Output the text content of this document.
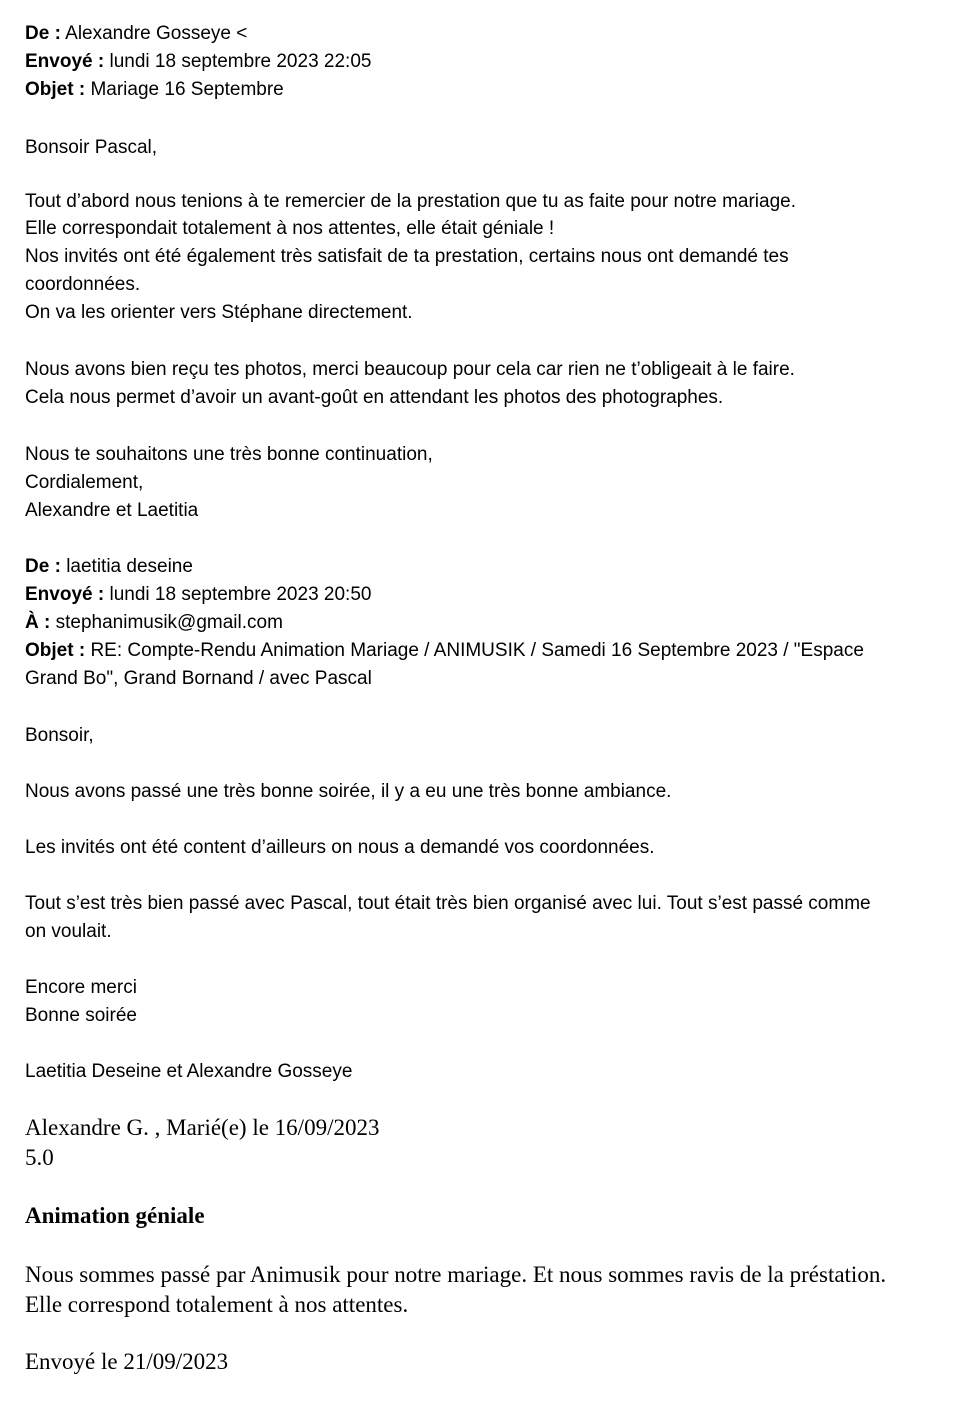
De : Alexandre Gosseye <
Envoyé : lundi 18 septembre 2023 22:05
Objet : Mariage 16 Septembre
Bonsoir Pascal,
Tout d’abord nous tenions à te remercier de la prestation que tu as faite pour notre mariage.
Elle correspondait totalement à nos attentes, elle était géniale !
Nos invités ont été également très satisfait de ta prestation, certains nous ont demandé tes
coordonnées.
On va les orienter vers Stéphane directement.
Nous avons bien reçu tes photos, merci beaucoup pour cela car rien ne t’obligeait à le faire.
Cela nous permet d’avoir un avant-goût en attendant les photos des photographes.
Nous te souhaitons une très bonne continuation,
Cordialement,
Alexandre et Laetitia
De : laetitia deseine
Envoyé : lundi 18 septembre 2023 20:50
À : stephanimusik@gmail.com
Objet : RE: Compte-Rendu Animation Mariage / ANIMUSIK / Samedi 16 Septembre 2023 / "Espace
Grand Bo", Grand Bornand / avec Pascal
Bonsoir,
Nous avons passé une très bonne soirée, il y a eu une très bonne ambiance.
Les invités ont été content d’ailleurs on nous a demandé vos coordonnées.
Tout s’est très bien passé avec Pascal, tout était très bien organisé avec lui. Tout s’est passé comme
on voulait.
Encore merci
Bonne soirée
Laetitia Deseine et Alexandre Gosseye
Alexandre G. , Marié(e) le 16/09/2023
5.0
Animation géniale
Nous sommes passé par Animusik pour notre mariage. Et nous sommes ravis de la préstation.
Elle correspond totalement à nos attentes.
Envoyé le 21/09/2023
